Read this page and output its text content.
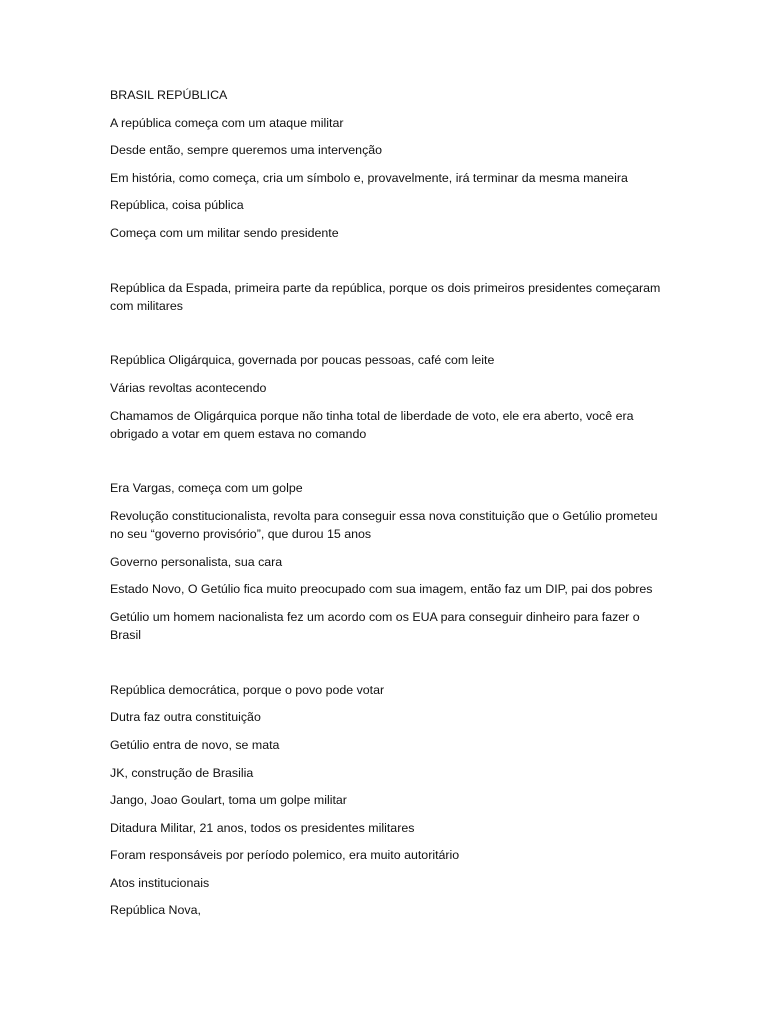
BRASIL REPÚBLICA

A república começa com um ataque militar

Desde então, sempre queremos uma intervenção

Em história, como começa, cria um símbolo e, provavelmente, irá terminar da mesma maneira

República, coisa pública

Começa com um militar sendo presidente

República da Espada, primeira parte da república, porque os dois primeiros presidentes começaram com militares

República Oligárquica, governada por poucas pessoas, café com leite

Várias revoltas acontecendo

Chamamos de Oligárquica porque não tinha total de liberdade de voto, ele era aberto, você era obrigado a votar em quem estava no comando

Era Vargas, começa com um golpe

Revolução constitucionalista, revolta para conseguir essa nova constituição que o Getúlio prometeu no seu “governo provisório”, que durou 15 anos

Governo personalista, sua cara

Estado Novo, O Getúlio fica muito preocupado com sua imagem, então faz um DIP, pai dos pobres

Getúlio um homem nacionalista fez um acordo com os EUA para conseguir dinheiro para fazer o Brasil

República democrática, porque o povo pode votar

Dutra faz outra constituição

Getúlio entra de novo, se mata

JK, construção de Brasilia

Jango, Joao Goulart, toma um golpe militar

Ditadura Militar, 21 anos, todos os presidentes militares

Foram responsáveis por período polemico, era muito autoritário

Atos institucionais

República Nova,
